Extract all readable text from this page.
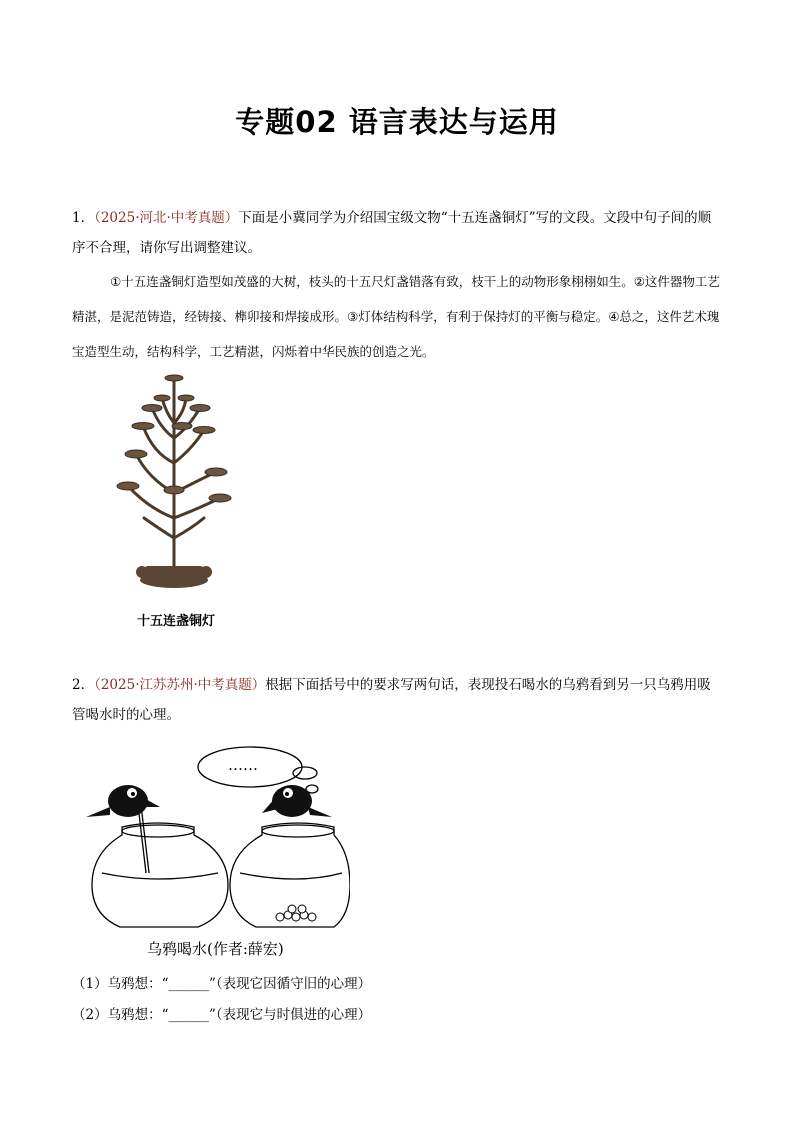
专题02 语言表达与运用
1．（2025·河北·中考真题）下面是小冀同学为介绍国宝级文物“十五连盏铜灯”写的文段。文段中句子间的顺序不合理，请你写出调整建议。
①十五连盏铜灯造型如茂盛的大树，枝头的十五尺灯盏错落有致，枝干上的动物形象栩栩如生。②这件器物工艺精湛，是泥范铸造，经铸接、榫卯接和焊接成形。③灯体结构科学，有利于保持灯的平衡与稳定。④总之，这件艺术瑰宝造型生动，结构科学，工艺精湛，闪烁着中华民族的创造之光。
十五连盏铜灯
2．（2025·江苏苏州·中考真题）根据下面括号中的要求写两句话，表现投石喝水的乌鸦看到另一只乌鸦用吸管喝水时的心理。
……
乌鸦喝水(作者:薛宏)
（1）乌鸦想：“______”（表现它因循守旧的心理）
（2）乌鸦想：“______”（表现它与时俱进的心理）
